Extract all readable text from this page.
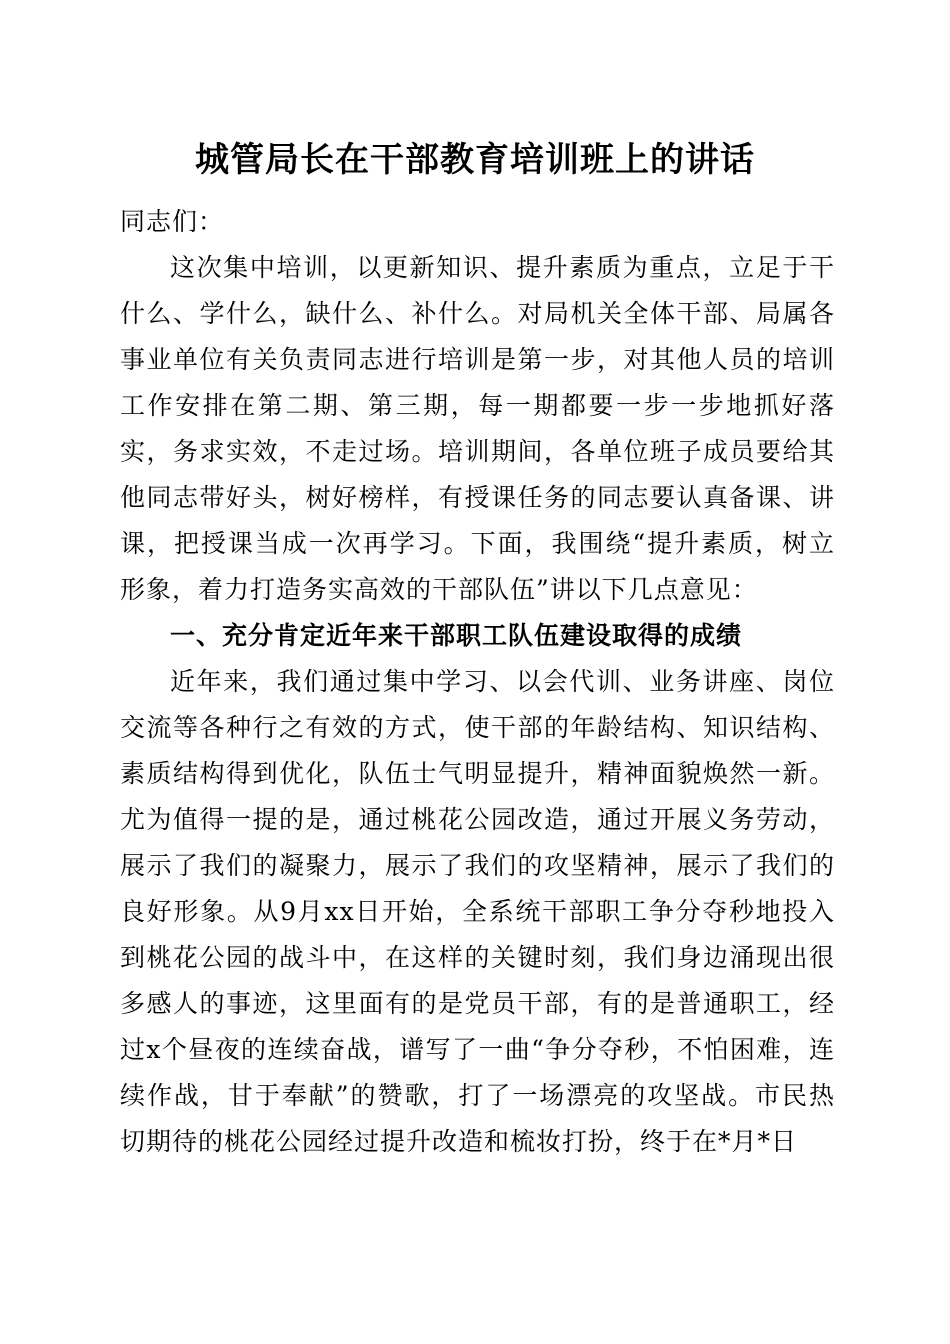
城管局长在干部教育培训班上的讲话

同志们：

这次集中培训，以更新知识、提升素质为重点，立足于干什么、学什么，缺什么、补什么。对局机关全体干部、局属各事业单位有关负责同志进行培训是第一步，对其他人员的培训工作安排在第二期、第三期，每一期都要一步一步地抓好落实，务求实效，不走过场。培训期间，各单位班子成员要给其他同志带好头，树好榜样，有授课任务的同志要认真备课、讲课，把授课当成一次再学习。下面，我围绕“提升素质，树立形象，着力打造务实高效的干部队伍”讲以下几点意见：

一、充分肯定近年来干部职工队伍建设取得的成绩

近年来，我们通过集中学习、以会代训、业务讲座、岗位交流等各种行之有效的方式，使干部的年龄结构、知识结构、素质结构得到优化，队伍士气明显提升，精神面貌焕然一新。尤为值得一提的是，通过桃花公园改造，通过开展义务劳动，展示了我们的凝聚力，展示了我们的攻坚精神，展示了我们的良好形象。从9月xx日开始，全系统干部职工争分夺秒地投入到桃花公园的战斗中，在这样的关键时刻，我们身边涌现出很多感人的事迹，这里面有的是党员干部，有的是普通职工，经过x个昼夜的连续奋战，谱写了一曲“争分夺秒，不怕困难，连续作战，甘于奉献”的赞歌，打了一场漂亮的攻坚战。市民热切期待的桃花公园经过提升改造和梳妆打扮，终于在*月*日
